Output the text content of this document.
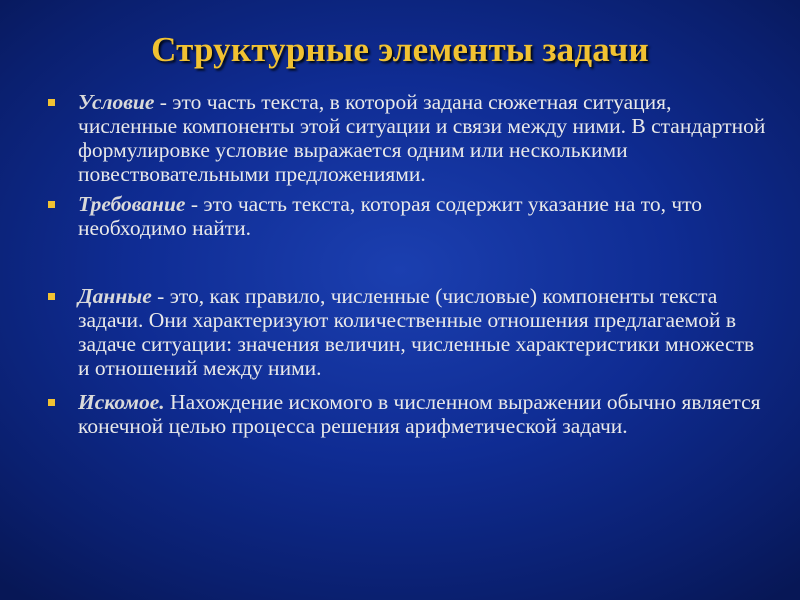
Структурные элементы задачи
Условие - это часть текста, в которой задана сюжетная ситуация, численные компоненты этой ситуации и связи между ними. В стандартной формулировке условие выражается одним или несколькими повествовательными предложениями.
Требование - это часть текста, которая содержит указание на то, что необходимо найти.
Данные - это, как правило, численные (числовые) компоненты текста задачи. Они характеризуют количественные отношения предлагаемой в задаче ситуации: значения величин, численные характеристики множеств и отношений между ними.
Искомое. Нахождение искомого в численном выражении обычно является конечной целью процесса решения арифметической задачи.
